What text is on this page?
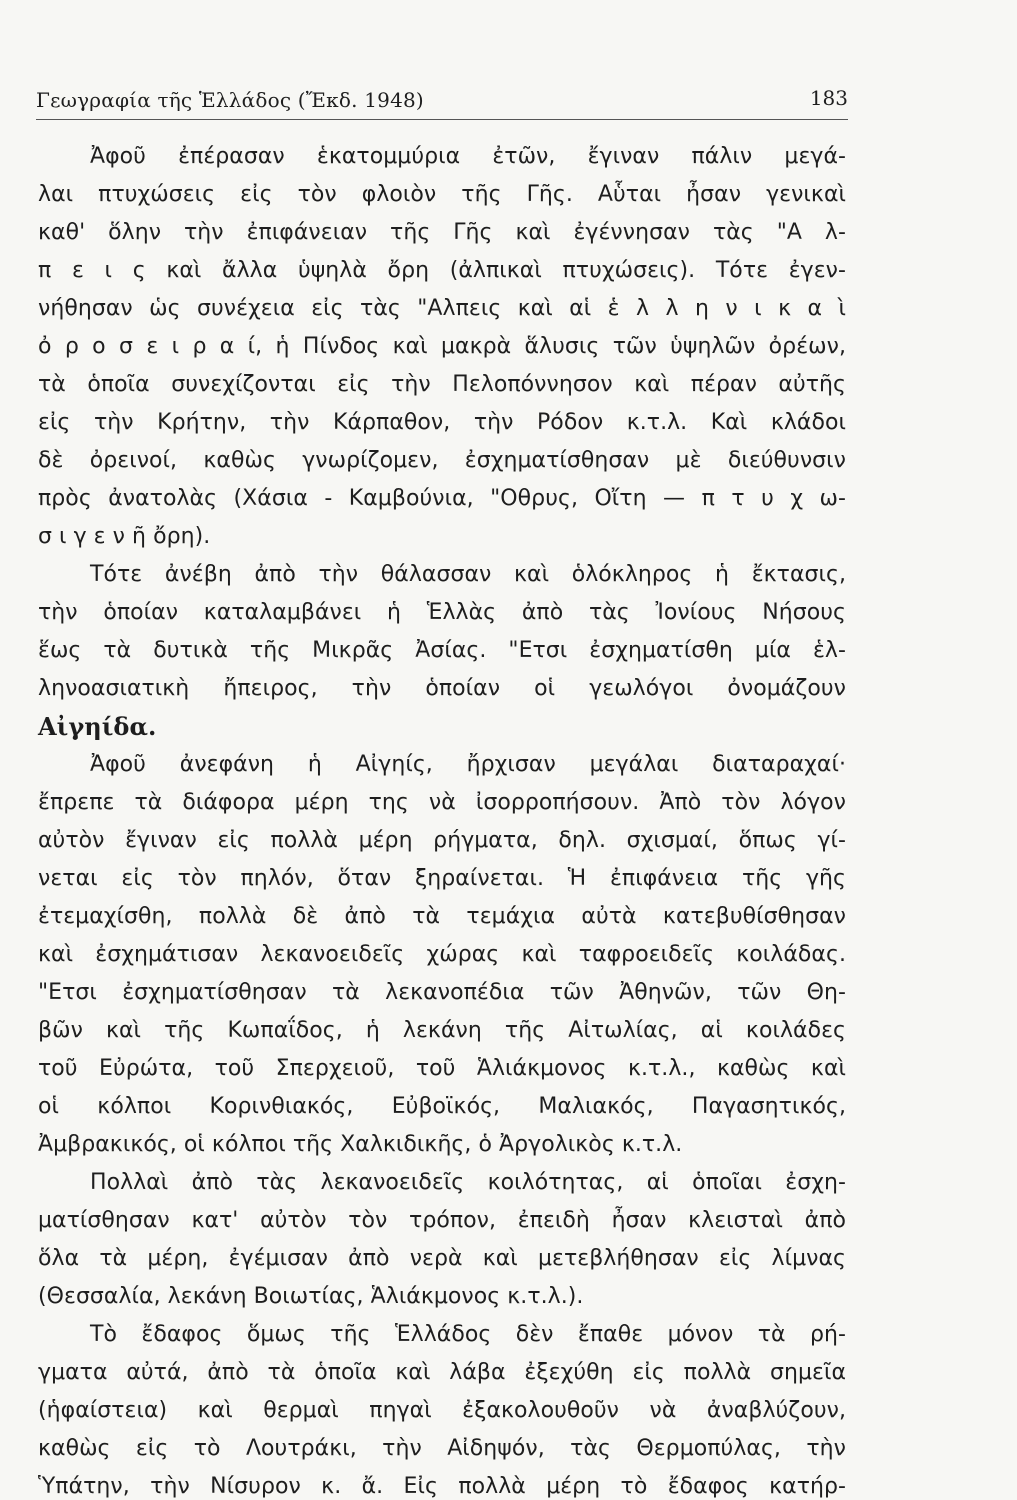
Γεωγραφία τῆς Ἑλλάδος (Ἔκδ. 1948)	183
Ἀφοῦ ἐπέρασαν ἑκατομμύρια ἐτῶν, ἔγιναν πάλιν μεγά-
λαι πτυχώσεις εἰς τὸν φλοιὸν τῆς Γῆς. Αὗται ἦσαν γενικαὶ
καθ' ὅλην τὴν ἐπιφάνειαν τῆς Γῆς καὶ ἐγέννησαν τὰς "Α λ-
π ε ι ς καὶ ἄλλα ὑψηλὰ ὄρη (ἀλπικαὶ πτυχώσεις). Τότε ἐγεν-
νήθησαν ὡς συνέχεια εἰς τὰς "Αλπεις καὶ αἱ ἑ λ λ η ν ι κ α ὶ
ὀ ρ ο σ ε ι ρ α ί, ἡ Πίνδος καὶ μακρὰ ἅλυσις τῶν ὑψηλῶν ὀρέων,
τὰ ὁποῖα συνεχίζονται εἰς τὴν Πελοπόννησον καὶ πέραν αὐτῆς
εἰς τὴν Κρήτην, τὴν Κάρπαθον, τὴν Ρόδον κ.τ.λ. Καὶ κλάδοι
δὲ ὀρεινοί, καθὼς γνωρίζομεν, ἐσχηματίσθησαν μὲ διεύθυνσιν
πρὸς ἀνατολὰς (Χάσια - Καμβούνια, "Οθρυς, Οἴτη — π τ υ χ ω-
σ ι γ ε ν ῆ ὄρη).
Τότε ἀνέβη ἀπὸ τὴν θάλασσαν καὶ ὁλόκληρος ἡ ἔκτασις,
τὴν ὁποίαν καταλαμβάνει ἡ Ἑλλὰς ἀπὸ τὰς Ἰονίους Νήσους
ἕως τὰ δυτικὰ τῆς Μικρᾶς Ἀσίας. "Ετσι ἐσχηματίσθη μία ἑλ-
ληνοασιατικὴ ἤπειρος, τὴν ὁποίαν οἱ γεωλόγοι ὀνομάζουν
Αἰγηίδα.
Ἀφοῦ ἀνεφάνη ἡ Αἰγηίς, ἤρχισαν μεγάλαι διαταραχαί·
ἔπρεπε τὰ διάφορα μέρη της νὰ ἰσορροπήσουν. Ἀπὸ τὸν λόγον
αὐτὸν ἔγιναν εἰς πολλὰ μέρη ρήγματα, δηλ. σχισμαί, ὅπως γί-
νεται εἰς τὸν πηλόν, ὅταν ξηραίνεται. Ἡ ἐπιφάνεια τῆς γῆς
ἐτεμαχίσθη, πολλὰ δὲ ἀπὸ τὰ τεμάχια αὐτὰ κατεβυθίσθησαν
καὶ ἐσχημάτισαν λεκανοειδεῖς χώρας καὶ ταφροειδεῖς κοιλάδας.
"Ετσι ἐσχηματίσθησαν τὰ λεκανοπέδια τῶν Ἀθηνῶν, τῶν Θη-
βῶν καὶ τῆς Κωπαΐδος, ἡ λεκάνη τῆς Αἰτωλίας, αἱ κοιλάδες
τοῦ Εὐρώτα, τοῦ Σπερχειοῦ, τοῦ Ἁλιάκμονος κ.τ.λ., καθὼς καὶ
οἱ κόλποι Κορινθιακός, Εὐβοϊκός, Μαλιακός, Παγασητικός,
Ἀμβρακικός, οἱ κόλποι τῆς Χαλκιδικῆς, ὁ Ἀργολικὸς κ.τ.λ.
Πολλαὶ ἀπὸ τὰς λεκανοειδεῖς κοιλότητας, αἱ ὁποῖαι ἐσχη-
ματίσθησαν κατ' αὐτὸν τὸν τρόπον, ἐπειδὴ ἦσαν κλεισταὶ ἀπὸ
ὅλα τὰ μέρη, ἐγέμισαν ἀπὸ νερὰ καὶ μετεβλήθησαν εἰς λίμνας
(Θεσσαλία, λεκάνη Βοιωτίας, Ἁλιάκμονος κ.τ.λ.).
Τὸ ἔδαφος ὅμως τῆς Ἑλλάδος δὲν ἔπαθε μόνον τὰ ρή-
γματα αὐτά, ἀπὸ τὰ ὁποῖα καὶ λάβα ἐξεχύθη εἰς πολλὰ σημεῖα
(ἡφαίστεια) καὶ θερμαὶ πηγαὶ ἐξακολουθοῦν νὰ ἀναβλύζουν,
καθὼς εἰς τὸ Λουτράκι, τὴν Αἰδηψόν, τὰς Θερμοπύλας, τὴν
Ὑπάτην, τὴν Νίσυρον κ. ἄ. Εἰς πολλὰ μέρη τὸ ἔδαφος κατήρ-
